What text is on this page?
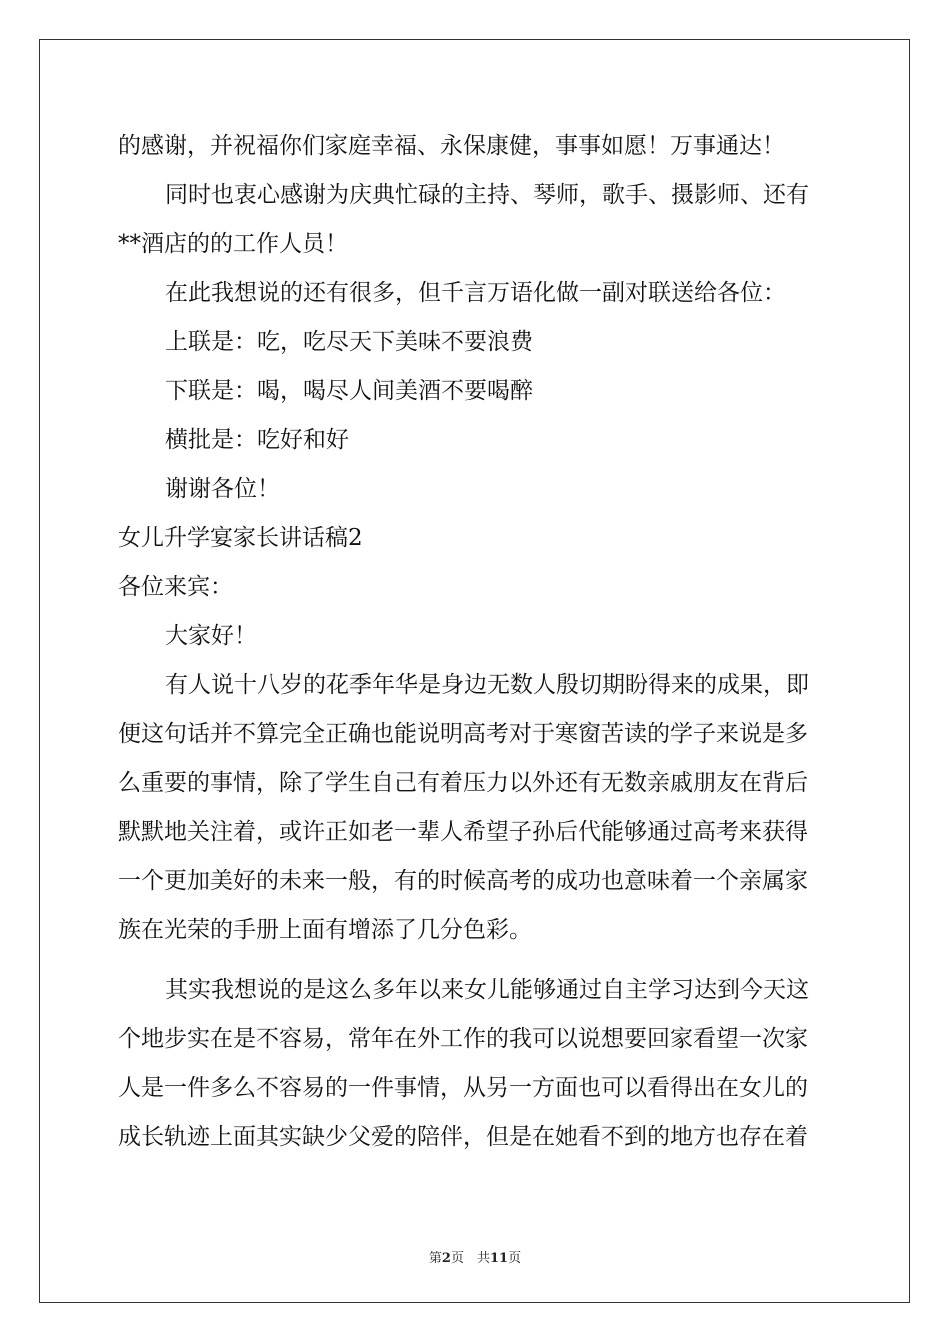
的感谢，并祝福你们家庭幸福、永保康健，事事如愿！万事通达！
同时也衷心感谢为庆典忙碌的主持、琴师，歌手、摄影师、还有
**酒店的的工作人员！
在此我想说的还有很多，但千言万语化做一副对联送给各位：
上联是：吃，吃尽天下美味不要浪费
下联是：喝，喝尽人间美酒不要喝醉
横批是：吃好和好
谢谢各位！
女儿升学宴家长讲话稿2
各位来宾：
大家好！
有人说十八岁的花季年华是身边无数人殷切期盼得来的成果，即
便这句话并不算完全正确也能说明高考对于寒窗苦读的学子来说是多
么重要的事情，除了学生自己有着压力以外还有无数亲戚朋友在背后
默默地关注着，或许正如老一辈人希望子孙后代能够通过高考来获得
一个更加美好的未来一般，有的时候高考的成功也意味着一个亲属家
族在光荣的手册上面有增添了几分色彩。
其实我想说的是这么多年以来女儿能够通过自主学习达到今天这
个地步实在是不容易，常年在外工作的我可以说想要回家看望一次家
人是一件多么不容易的一件事情，从另一方面也可以看得出在女儿的
成长轨迹上面其实缺少父爱的陪伴，但是在她看不到的地方也存在着
第2页　共11页
